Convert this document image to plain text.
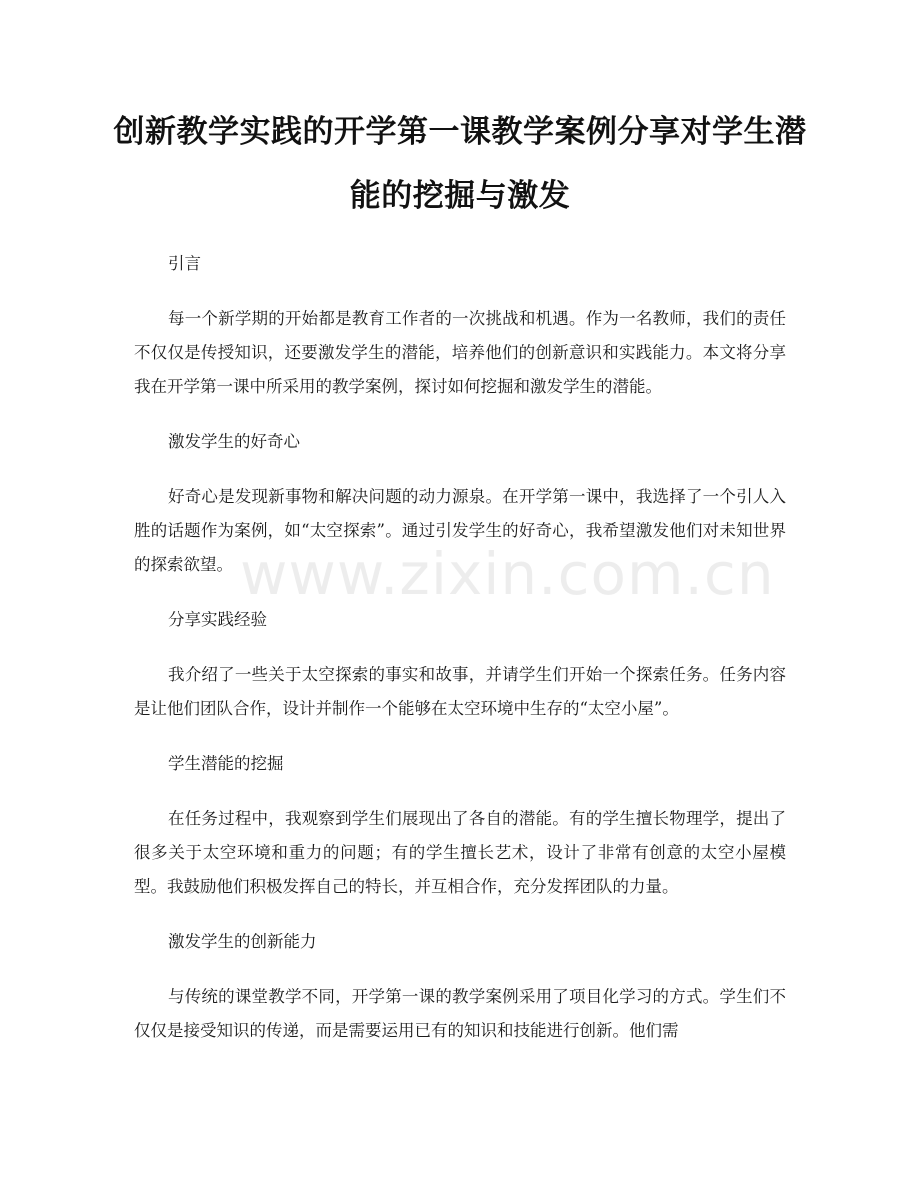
创新教学实践的开学第一课教学案例分享对学生潜能的挖掘与激发

引言

每一个新学期的开始都是教育工作者的一次挑战和机遇。作为一名教师，我们的责任不仅仅是传授知识，还要激发学生的潜能，培养他们的创新意识和实践能力。本文将分享我在开学第一课中所采用的教学案例，探讨如何挖掘和激发学生的潜能。

激发学生的好奇心

好奇心是发现新事物和解决问题的动力源泉。在开学第一课中，我选择了一个引人入胜的话题作为案例，如“太空探索”。通过引发学生的好奇心，我希望激发他们对未知世界的探索欲望。

分享实践经验

我介绍了一些关于太空探索的事实和故事，并请学生们开始一个探索任务。任务内容是让他们团队合作，设计并制作一个能够在太空环境中生存的“太空小屋”。

学生潜能的挖掘

在任务过程中，我观察到学生们展现出了各自的潜能。有的学生擅长物理学，提出了很多关于太空环境和重力的问题；有的学生擅长艺术，设计了非常有创意的太空小屋模型。我鼓励他们积极发挥自己的特长，并互相合作，充分发挥团队的力量。

激发学生的创新能力

与传统的课堂教学不同，开学第一课的教学案例采用了项目化学习的方式。学生们不仅仅是接受知识的传递，而是需要运用已有的知识和技能进行创新。他们需

www.zixin.com.cn
